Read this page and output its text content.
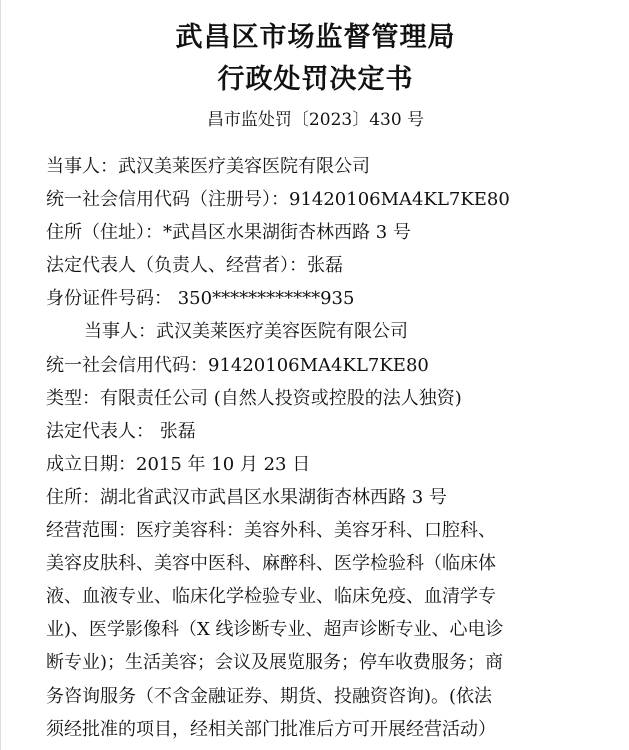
武昌区市场监督管理局
行政处罚决定书
昌市监处罚〔2023〕430 号
当事人：武汉美莱医疗美容医院有限公司
统一社会信用代码（注册号）：91420106MA4KL7KE80
住所（住址）：*武昌区水果湖街杏林西路 3 号
法定代表人（负责人、经营者）：张磊
身份证件号码： 350************935
当事人：武汉美莱医疗美容医院有限公司
统一社会信用代码：91420106MA4KL7KE80
类型：有限责任公司 (自然人投资或控股的法人独资)
法定代表人： 张磊
成立日期：2015 年 10 月 23 日
住所：湖北省武汉市武昌区水果湖街杏林西路 3 号
经营范围：医疗美容科：美容外科、美容牙科、口腔科、
美容皮肤科、美容中医科、麻醉科、医学检验科（临床体
液、血液专业、临床化学检验专业、临床免疫、血清学专
业)、医学影像科（X 线诊断专业、超声诊断专业、心电诊
断专业)；生活美容；会议及展览服务；停车收费服务；商
务咨询服务（不含金融证券、期货、投融资咨询)。(依法
须经批准的项目，经相关部门批准后方可开展经营活动）
